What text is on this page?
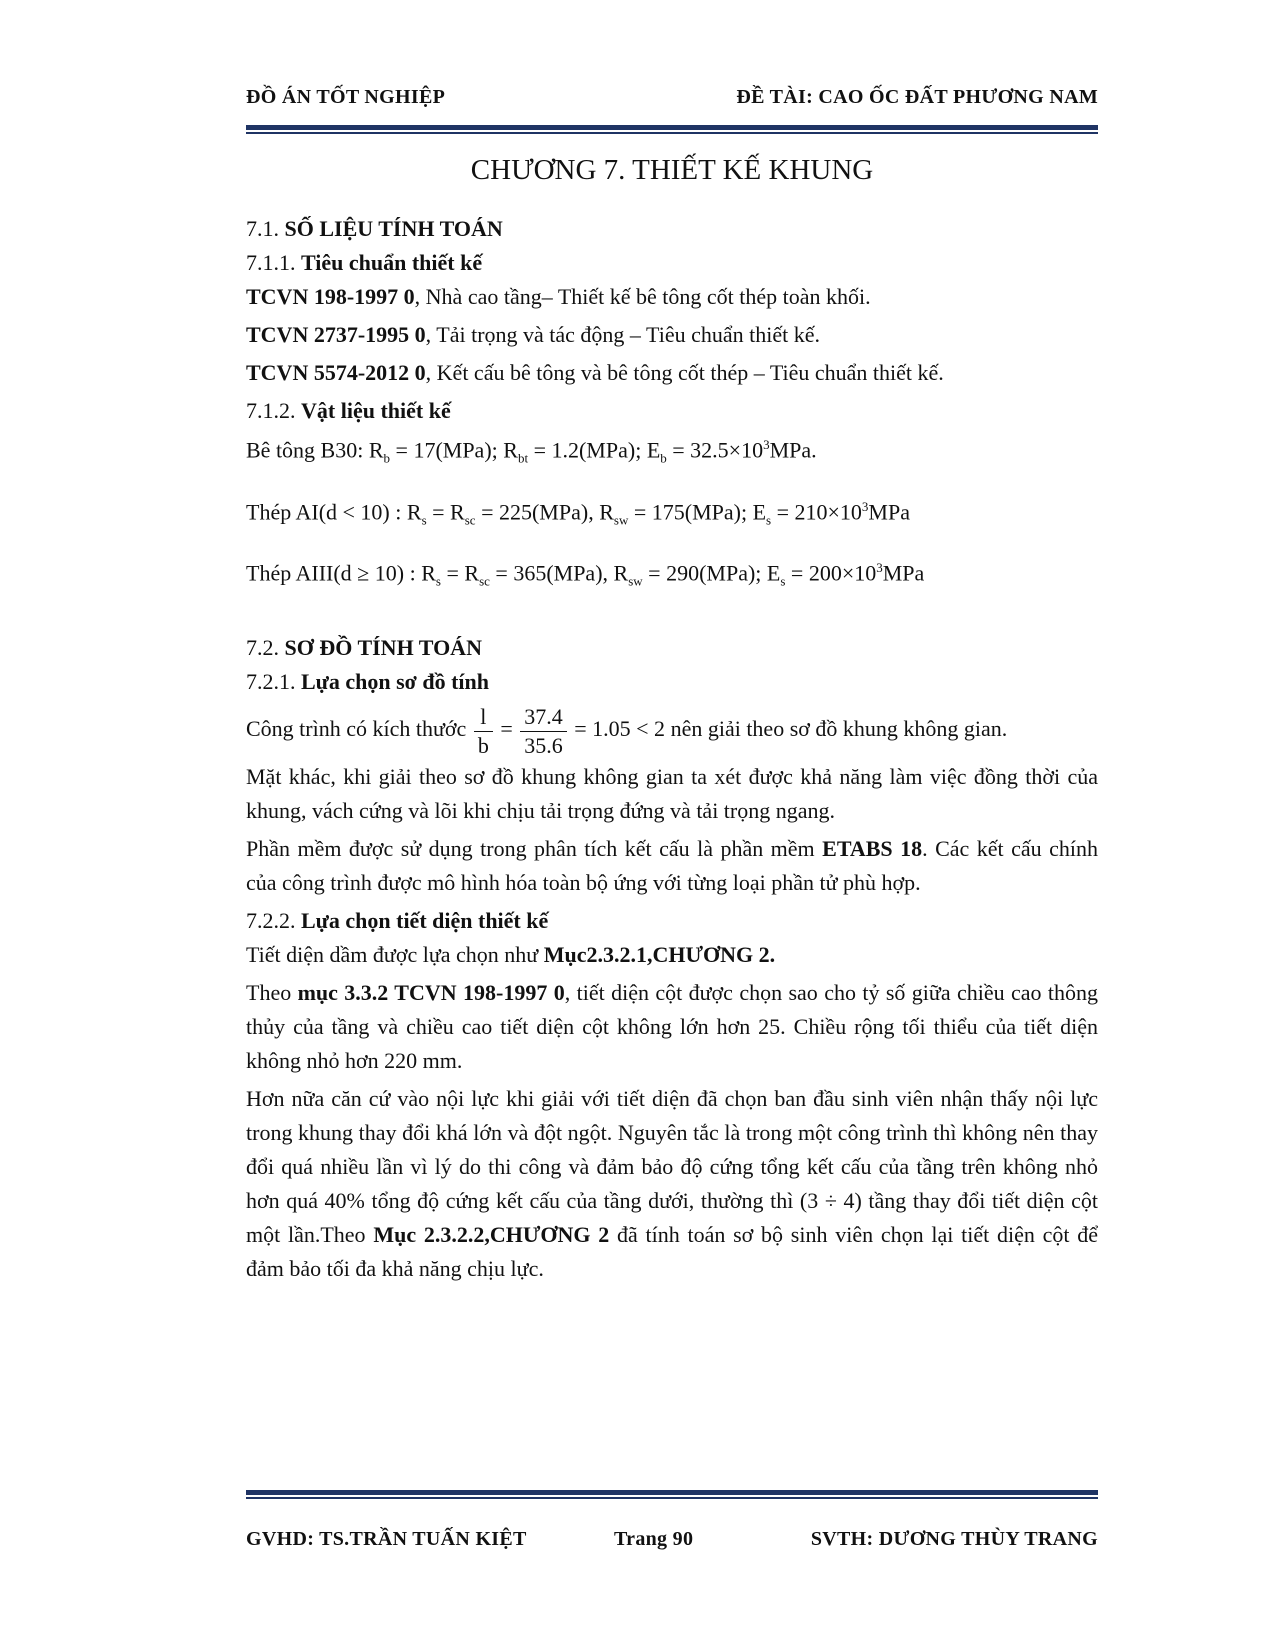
ĐỒ ÁN TỐT NGHIỆP	ĐỀ TÀI: CAO ỐC ĐẤT PHƯƠNG NAM
CHƯƠNG 7. THIẾT KẾ KHUNG
7.1. SỐ LIỆU TÍNH TOÁN
7.1.1. Tiêu chuẩn thiết kế

TCVN 198-1997 0, Nhà cao tầng– Thiết kế bê tông cốt thép toàn khối.

TCVN 2737-1995 0, Tải trọng và tác động – Tiêu chuẩn thiết kế.

TCVN 5574-2012 0, Kết cấu bê tông và bê tông cốt thép – Tiêu chuẩn thiết kế.

7.1.2. Vật liệu thiết kế
Bê tông B30: $R_b = 17(MPa)$; $R_{bt} = 1.2(MPa)$; $E_b = 32.5\times 10^3MPa$.
Thép AI(d < 10) : $R_s = R_{sc} = 225(MPa)$, $R_{sw} = 175(MPa)$; $E_s = 210\times 10^3MPa$
Thép AIII(d ≥ 10) : $R_s = R_{sc} = 365(MPa)$, $R_{sw} = 290(MPa)$; $E_s = 200\times 10^3MPa$
7.2. SƠ ĐỒ TÍNH TOÁN
7.2.1. Lựa chọn sơ đồ tính

Công trình có kích thước $\frac{l}{b} = \frac{37.4}{35.6} = 1.05 < 2$ nên giải theo sơ đồ khung không gian.

Mặt khác, khi giải theo sơ đồ khung không gian ta xét được khả năng làm việc đồng thời của khung, vách cứng và lõi khi chịu tải trọng đứng và tải trọng ngang.

Phần mềm được sử dụng trong phân tích kết cấu là phần mềm ETABS 18. Các kết cấu chính của công trình được mô hình hóa toàn bộ ứng với từng loại phần tử phù hợp.

7.2.2. Lựa chọn tiết diện thiết kế

Tiết diện dầm được lựa chọn như Mục2.3.2.1,CHƯƠNG 2.

Theo mục 3.3.2 TCVN 198-1997 0, tiết diện cột được chọn sao cho tỷ số giữa chiều cao thông thủy của tầng và chiều cao tiết diện cột không lớn hơn 25. Chiều rộng tối thiểu của tiết diện không nhỏ hơn 220 mm.

Hơn nữa căn cứ vào nội lực khi giải với tiết diện đã chọn ban đầu sinh viên nhận thấy nội lực trong khung thay đổi khá lớn và đột ngột. Nguyên tắc là trong một công trình thì không nên thay đổi quá nhiều lần vì lý do thi công và đảm bảo độ cứng tổng kết cấu của tầng trên không nhỏ hơn quá 40% tổng độ cứng kết cấu của tầng dưới, thường thì (3 ÷ 4) tầng thay đổi tiết diện cột một lần.Theo Mục 2.3.2.2,CHƯƠNG 2 đã tính toán sơ bộ sinh viên chọn lại tiết diện cột để đảm bảo tối đa khả năng chịu lực.

GVHD: TS.TRẦN TUẤN KIỆT	Trang 90	SVTH: DƯƠNG THÙY TRANG
